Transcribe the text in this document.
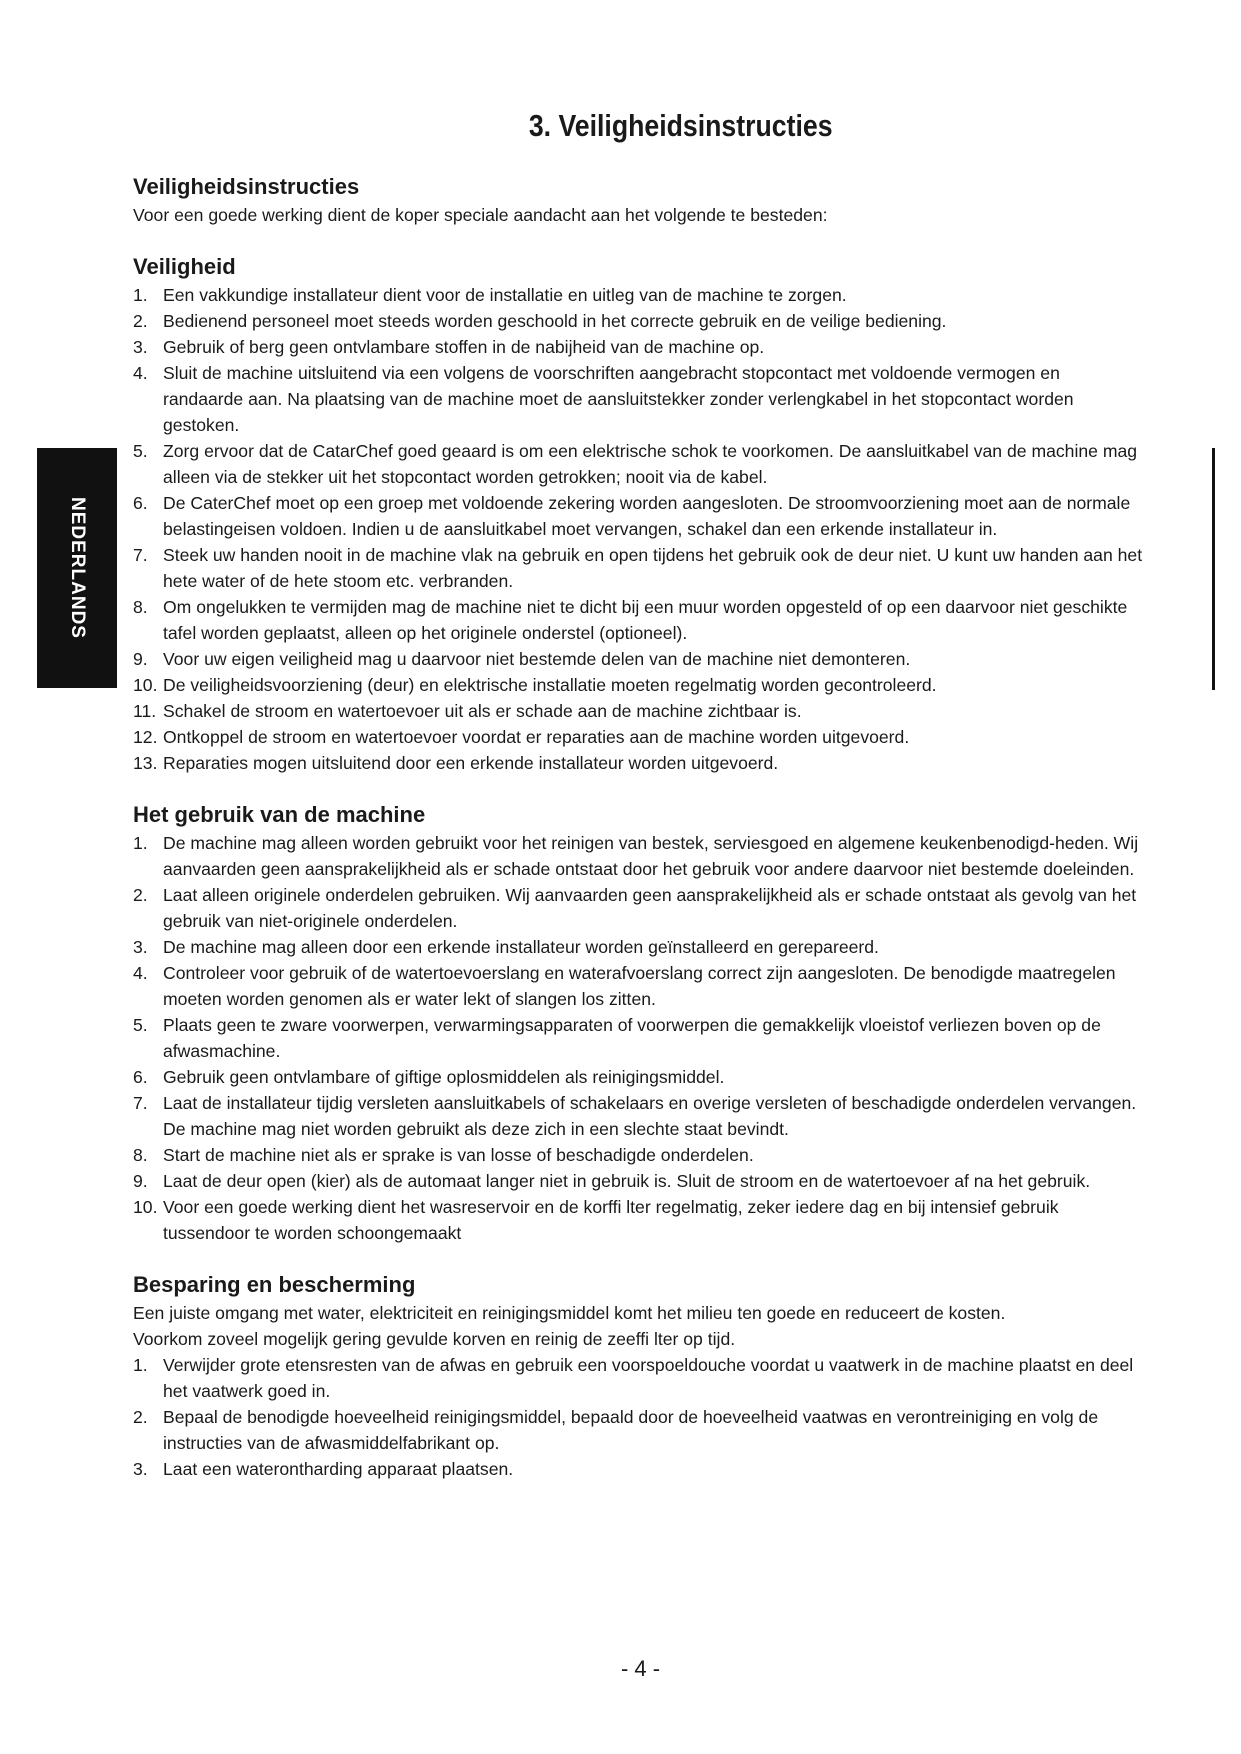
3. Veiligheidsinstructies
NEDERLANDS
Veiligheidsinstructies

Voor een goede werking dient de koper speciale aandacht aan het volgende te besteden:

Veiligheid
1. Een vakkundige installateur dient voor de installatie en uitleg van de machine te zorgen.
2. Bedienend personeel moet steeds worden geschoold in het correcte gebruik en de veilige bediening.
3. Gebruik of berg geen ontvlambare stoffen in de nabijheid van de machine op.
4. Sluit de machine uitsluitend via een volgens de voorschriften aangebracht stopcontact met voldoende vermogen en randaarde aan. Na plaatsing van de machine moet de aansluitstekker zonder verlengkabel in het stopcontact worden gestoken.
5. Zorg ervoor dat de CatarChef goed geaard is om een elektrische schok te voorkomen. De aansluitkabel van de machine mag alleen via de stekker uit het stopcontact worden getrokken; nooit via de kabel.
6. De CaterChef moet op een groep met voldoende zekering worden aangesloten. De stroomvoorziening moet aan de normale belastingeisen voldoen. Indien u de aansluitkabel moet vervangen, schakel dan een erkende installateur in.
7. Steek uw handen nooit in de machine vlak na gebruik en open tijdens het gebruik ook de deur niet. U kunt uw handen aan het hete water of de hete stoom etc. verbranden.
8. Om ongelukken te vermijden mag de machine niet te dicht bij een muur worden opgesteld of op een daarvoor niet geschikte tafel worden geplaatst, alleen op het originele onderstel (optioneel).
9. Voor uw eigen veiligheid mag u daarvoor niet bestemde delen van de machine niet demonteren.
10. De veiligheidsvoorziening (deur) en elektrische installatie moeten regelmatig worden gecontroleerd.
11. Schakel de stroom en watertoevoer uit als er schade aan de machine zichtbaar is.
12. Ontkoppel de stroom en watertoevoer voordat er reparaties aan de machine worden uitgevoerd.
13. Reparaties mogen uitsluitend door een erkende installateur worden uitgevoerd.
Het gebruik van de machine
1. De machine mag alleen worden gebruikt voor het reinigen van bestek, serviesgoed en algemene keukenbenodigd-heden. Wij aanvaarden geen aansprakelijkheid als er schade ontstaat door het gebruik voor andere daarvoor niet bestemde doeleinden.
2. Laat alleen originele onderdelen gebruiken. Wij aanvaarden geen aansprakelijkheid als er schade ontstaat als gevolg van het gebruik van niet-originele onderdelen.
3. De machine mag alleen door een erkende installateur worden geïnstalleerd en gerepareerd.
4. Controleer voor gebruik of de watertoevoerslang en waterafvoerslang correct zijn aangesloten. De benodigde maatregelen moeten worden genomen als er water lekt of slangen los zitten.
5. Plaats geen te zware voorwerpen, verwarmingsapparaten of voorwerpen die gemakkelijk vloeistof verliezen boven op de afwasmachine.
6. Gebruik geen ontvlambare of giftige oplosmiddelen als reinigingsmiddel.
7. Laat de installateur tijdig versleten aansluitkabels of schakelaars en overige versleten of beschadigde onderdelen vervangen. De machine mag niet worden gebruikt als deze zich in een slechte staat bevindt.
8. Start de machine niet als er sprake is van losse of beschadigde onderdelen.
9. Laat de deur open (kier) als de automaat langer niet in gebruik is. Sluit de stroom en de watertoevoer af na het gebruik.
10. Voor een goede werking dient het wasreservoir en de korffi lter regelmatig, zeker iedere dag en bij intensief gebruik tussendoor te worden schoongemaakt
Besparing en bescherming

Een juiste omgang met water, elektriciteit en reinigingsmiddel komt het milieu ten goede en reduceert de kosten.

Voorkom zoveel mogelijk gering gevulde korven en reinig de zeeffi lter op tijd.

1. Verwijder grote etensresten van de afwas en gebruik een voorspoeldouche voordat u vaatwerk in de machine plaatst en deel het vaatwerk goed in.
2. Bepaal de benodigde hoeveelheid reinigingsmiddel, bepaald door de hoeveelheid vaatwas en verontreiniging en volg de instructies van de afwasmiddelfabrikant op.
3. Laat een waterontharding apparaat plaatsen.
- 4 -
